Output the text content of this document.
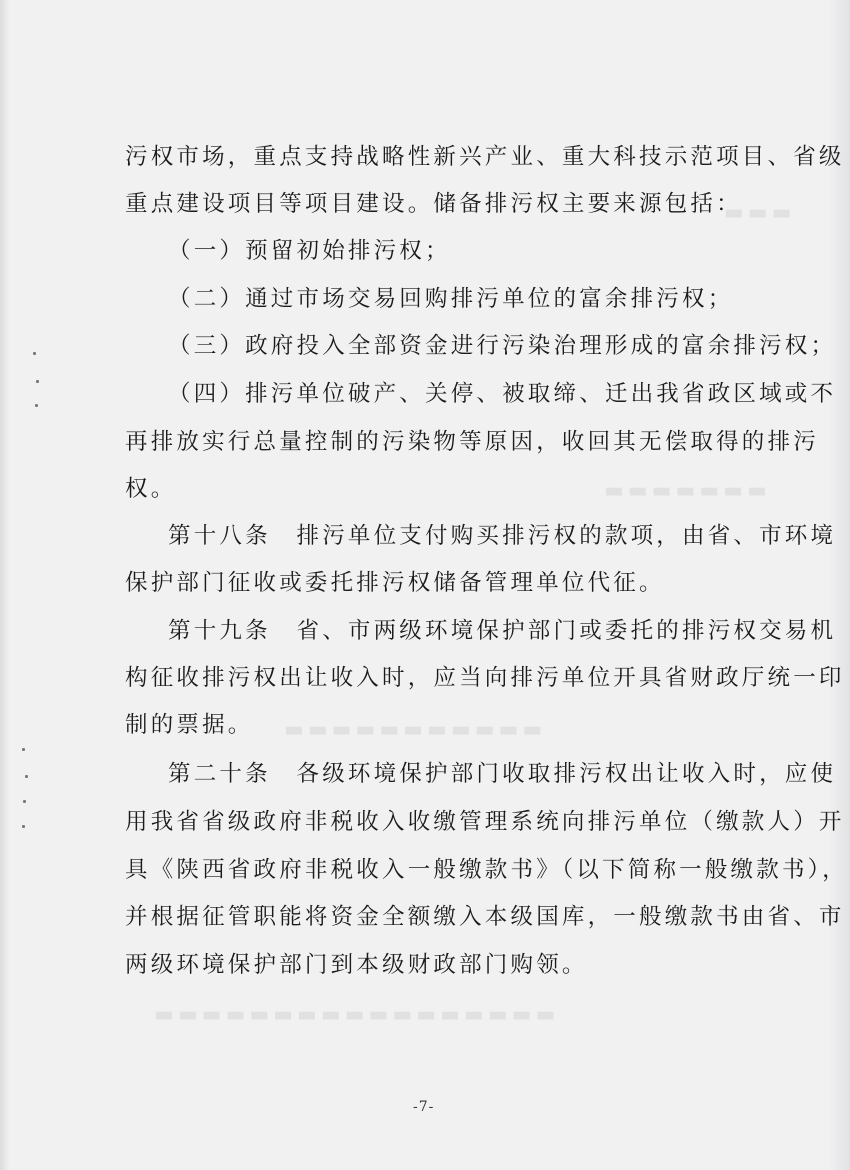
▬▬▬
▬▬▬▬▬▬▬
▬▬▬▬▬▬▬▬▬▬▬
▬▬▬▬▬▬▬▬▬▬▬▬▬▬▬▬▬
污权市场，重点支持战略性新兴产业、重大科技示范项目、省级
重点建设项目等项目建设。储备排污权主要来源包括：
（一）预留初始排污权；
（二）通过市场交易回购排污单位的富余排污权；
（三）政府投入全部资金进行污染治理形成的富余排污权；
（四）排污单位破产、关停、被取缔、迁出我省政区域或不
再排放实行总量控制的污染物等原因，收回其无偿取得的排污
权。
第十八条　排污单位支付购买排污权的款项，由省、市环境
保护部门征收或委托排污权储备管理单位代征。
第十九条　省、市两级环境保护部门或委托的排污权交易机
构征收排污权出让收入时，应当向排污单位开具省财政厅统一印
制的票据。
第二十条　各级环境保护部门收取排污权出让收入时，应使
用我省省级政府非税收入收缴管理系统向排污单位（缴款人）开
具《陕西省政府非税收入一般缴款书》（以下简称一般缴款书），
并根据征管职能将资金全额缴入本级国库，一般缴款书由省、市
两级环境保护部门到本级财政部门购领。
-7-
